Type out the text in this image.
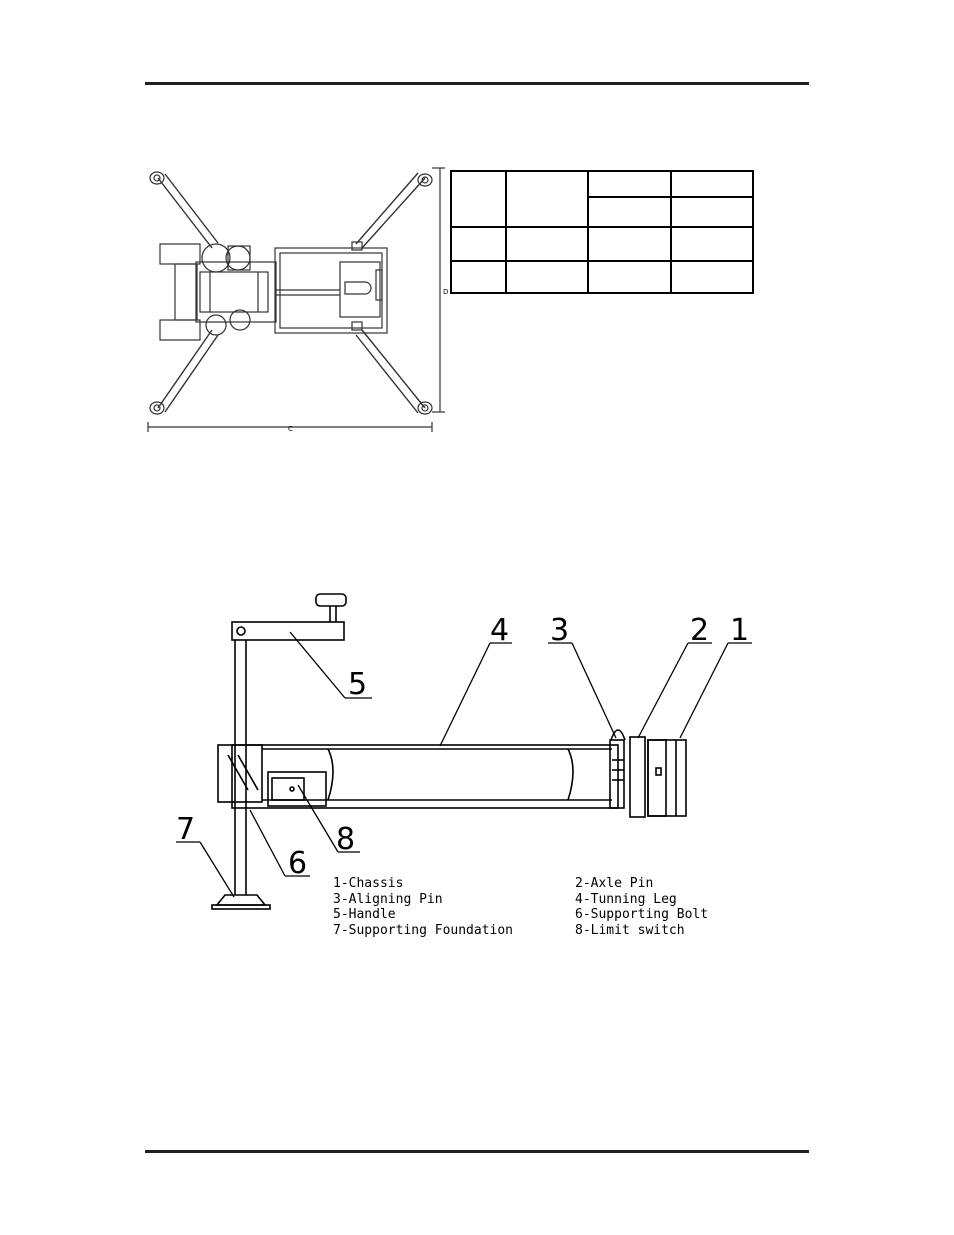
C
D

5
4 3	2 1
8
6
7
1-Chassis	2-Axle Pin
3-Aligning Pin	4-Tunning Leg
5-Handle	6-Supporting Bolt
7-Supporting Foundation	8-Limit switch
